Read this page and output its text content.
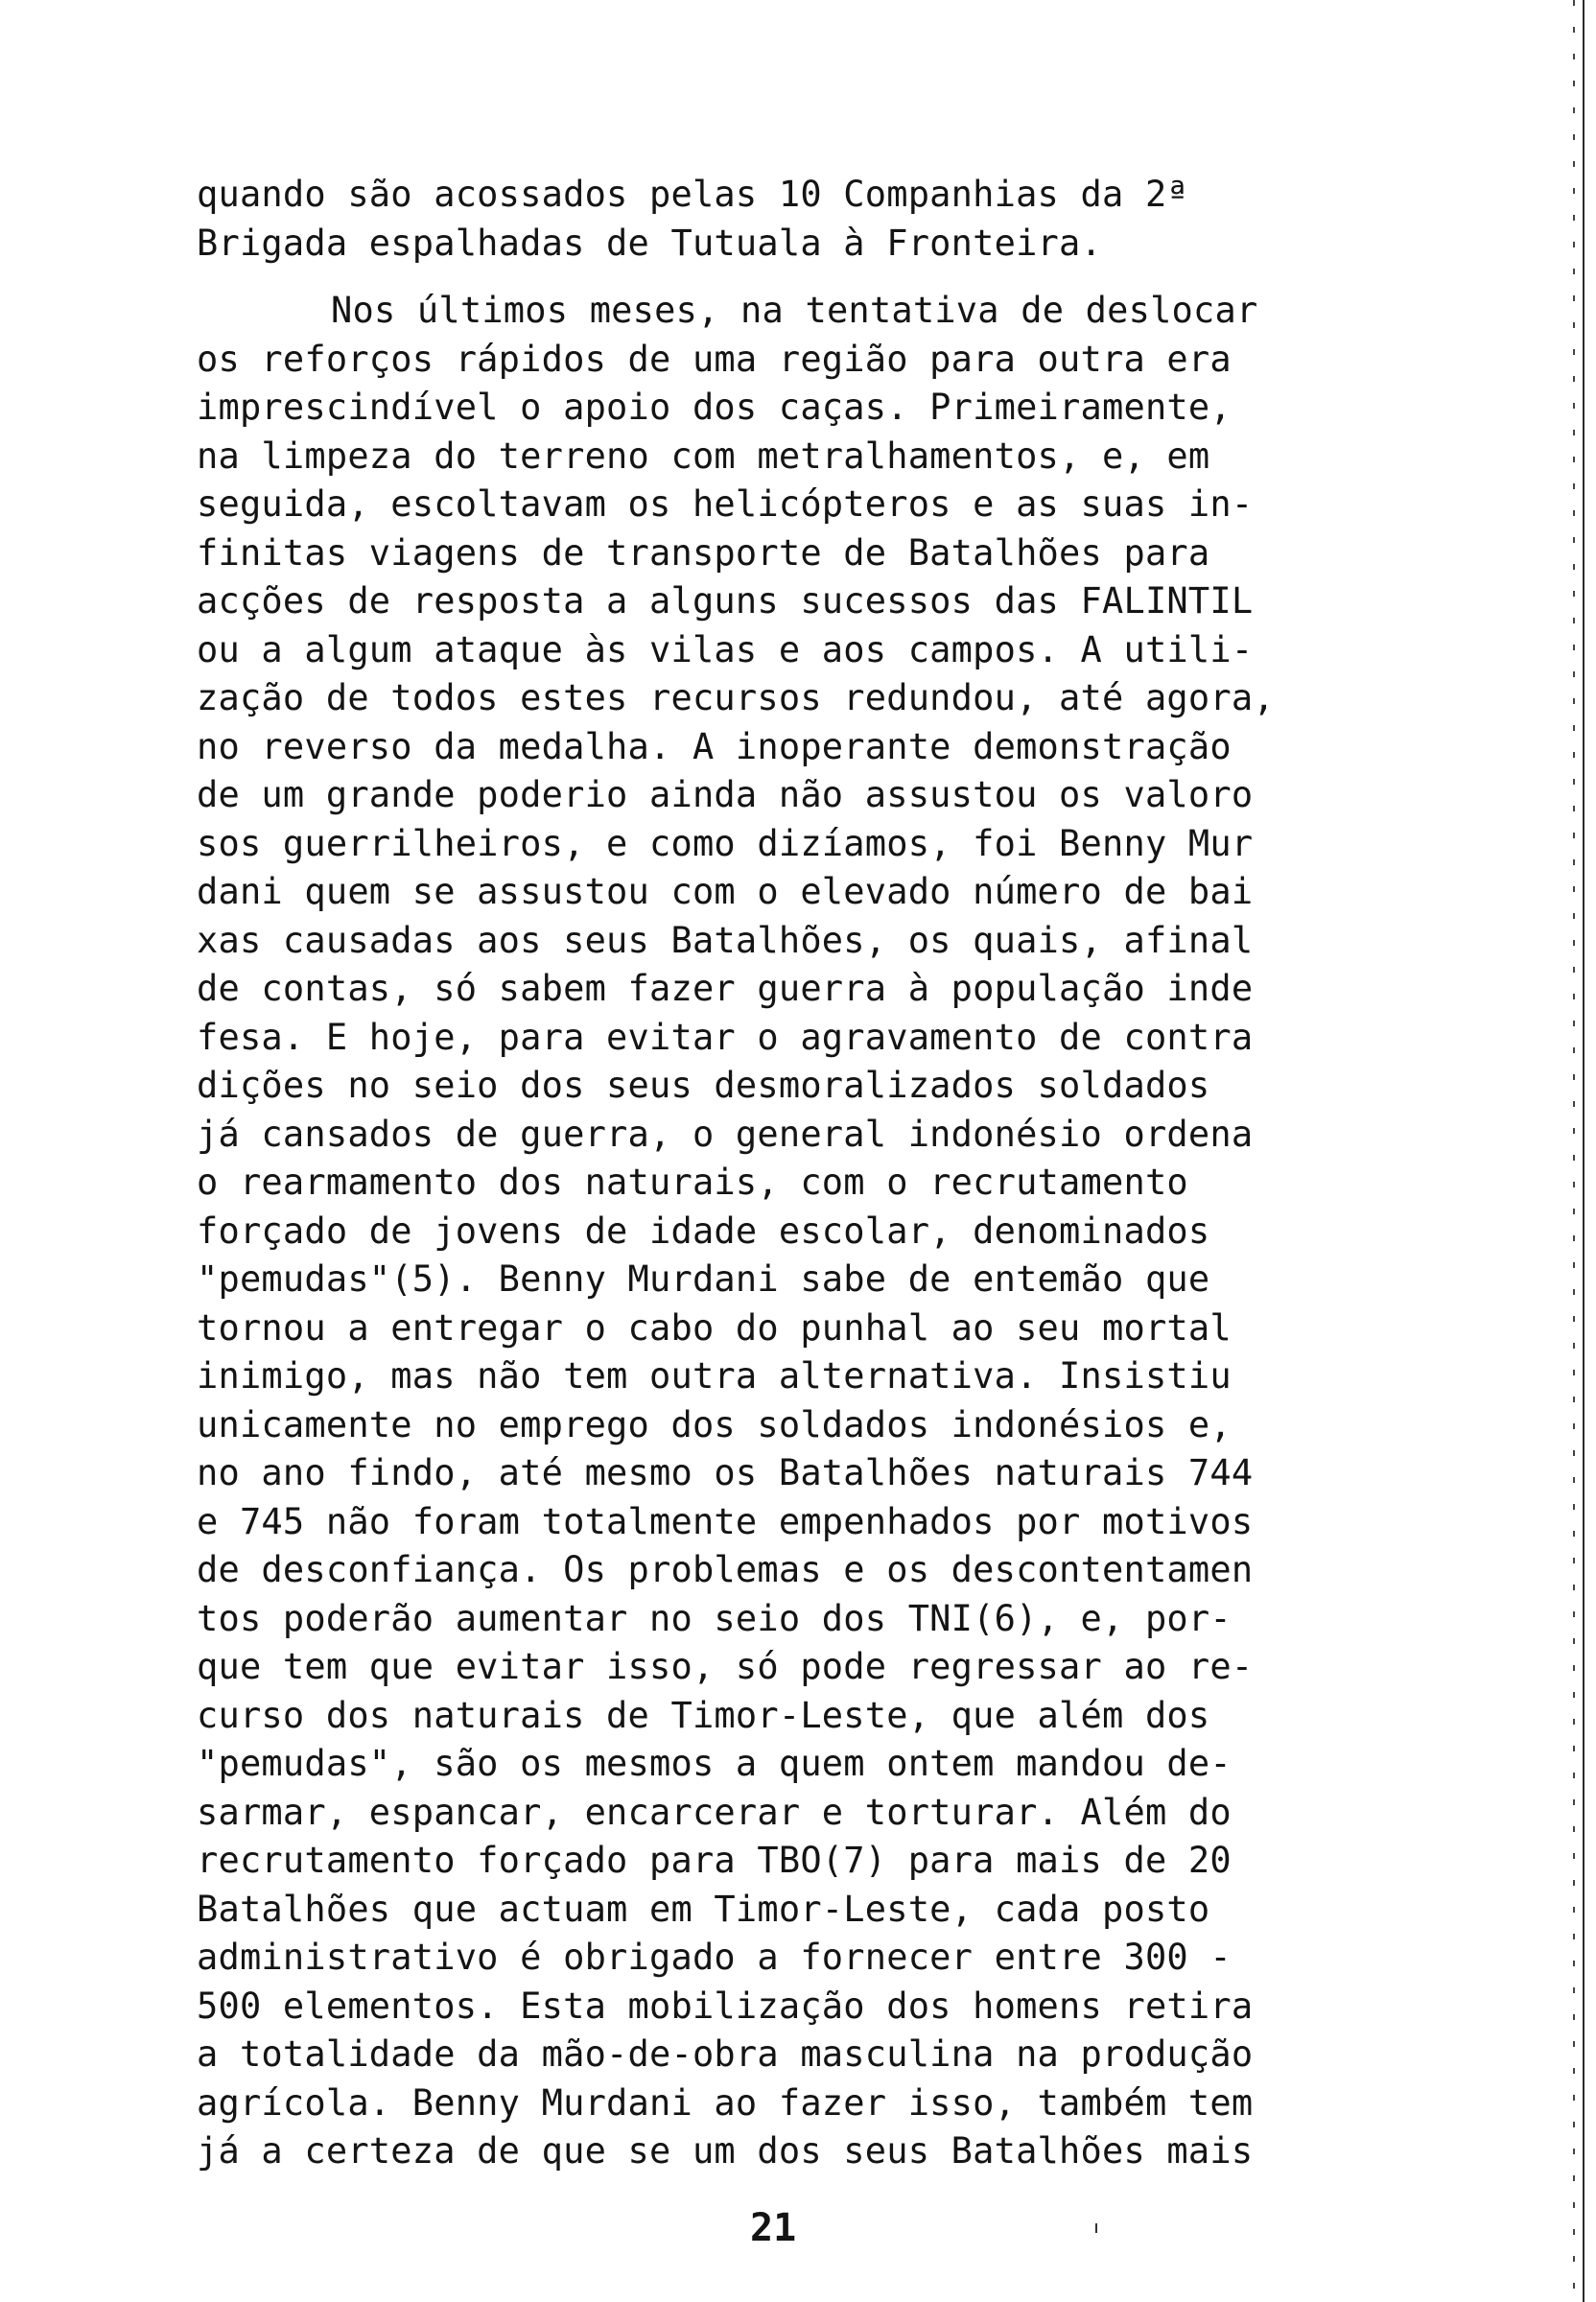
quando são acossados pelas 10 Companhias da 2ª
Brigada espalhadas de Tutuala à Fronteira.
Nos últimos meses, na tentativa de deslocar
os reforços rápidos de uma região para outra era
imprescindível o apoio dos caças. Primeiramente,
na limpeza do terreno com metralhamentos, e, em
seguida, escoltavam os helicópteros e as suas in-
finitas viagens de transporte de Batalhões para
acções de resposta a alguns sucessos das FALINTIL
ou a algum ataque às vilas e aos campos. A utili-
zação de todos estes recursos redundou, até agora,
no reverso da medalha. A inoperante demonstração
de um grande poderio ainda não assustou os valoro
sos guerrilheiros, e como dizíamos, foi Benny Mur
dani quem se assustou com o elevado número de bai
xas causadas aos seus Batalhões, os quais, afinal
de contas, só sabem fazer guerra à população inde
fesa. E hoje, para evitar o agravamento de contra
dições no seio dos seus desmoralizados soldados
já cansados de guerra, o general indonésio ordena
o rearmamento dos naturais, com o recrutamento
forçado de jovens de idade escolar, denominados
"pemudas"(5). Benny Murdani sabe de entemão que
tornou a entregar o cabo do punhal ao seu mortal
inimigo, mas não tem outra alternativa. Insistiu
unicamente no emprego dos soldados indonésios e,
no ano findo, até mesmo os Batalhões naturais 744
e 745 não foram totalmente empenhados por motivos
de desconfiança. Os problemas e os descontentamen
tos poderão aumentar no seio dos TNI(6), e, por-
que tem que evitar isso, só pode regressar ao re-
curso dos naturais de Timor-Leste, que além dos
"pemudas", são os mesmos a quem ontem mandou de-
sarmar, espancar, encarcerar e torturar. Além do
recrutamento forçado para TBO(7) para mais de 20
Batalhões que actuam em Timor-Leste, cada posto
administrativo é obrigado a fornecer entre 300 -
500 elementos. Esta mobilização dos homens retira
a totalidade da mão-de-obra masculina na produção
agrícola. Benny Murdani ao fazer isso, também tem
já a certeza de que se um dos seus Batalhões mais
21
